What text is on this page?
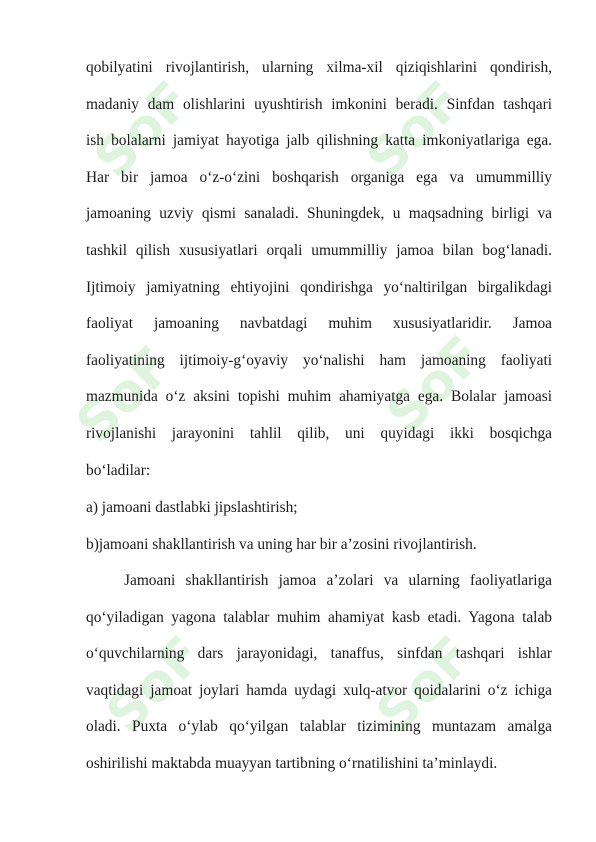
SoF	SoF
SoF	SoF
SoF	SoF
qobilyatini rivojlantirish, ularning xilma-xil qiziqishlarini qondirish,
madaniy dam olishlarini uyushtirish imkonini beradi. Sinfdan tashqari
ish bolalarni jamiyat hayotiga jalb qilishning katta imkoniyatlariga ega.
Har bir jamoa o‘z-o‘zini boshqarish organiga ega va umummilliy
jamoaning uzviy qismi sanaladi. Shuningdek, u maqsadning birligi va
tashkil qilish xususiyatlari orqali umummilliy jamoa bilan bog‘lanadi.
Ijtimoiy jamiyatning ehtiyojini qondirishga yo‘naltirilgan birgalikdagi
faoliyat jamoaning navbatdagi muhim xususiyatlaridir. Jamoa
faoliyatining ijtimoiy-g‘oyaviy yo‘nalishi ham jamoaning faoliyati
mazmunida o‘z aksini topishi muhim ahamiyatga ega. Bolalar jamoasi
rivojlanishi jarayonini tahlil qilib, uni quyidagi ikki bosqichga
bo‘ladilar:
a) jamoani dastlabki jipslashtirish;
b)jamoani shakllantirish va uning har bir a’zosini rivojlantirish.
Jamoani shakllantirish jamoa a’zolari va ularning faoliyatlariga
qo‘yiladigan yagona talablar muhim ahamiyat kasb etadi. Yagona talab
o‘quvchilarning dars jarayonidagi, tanaffus, sinfdan tashqari ishlar
vaqtidagi jamoat joylari hamda uydagi xulq-atvor qoidalarini o‘z ichiga
oladi. Puxta o‘ylab qo‘yilgan talablar tizimining muntazam amalga
oshirilishi maktabda muayyan tartibning o‘rnatilishini ta’minlaydi.
